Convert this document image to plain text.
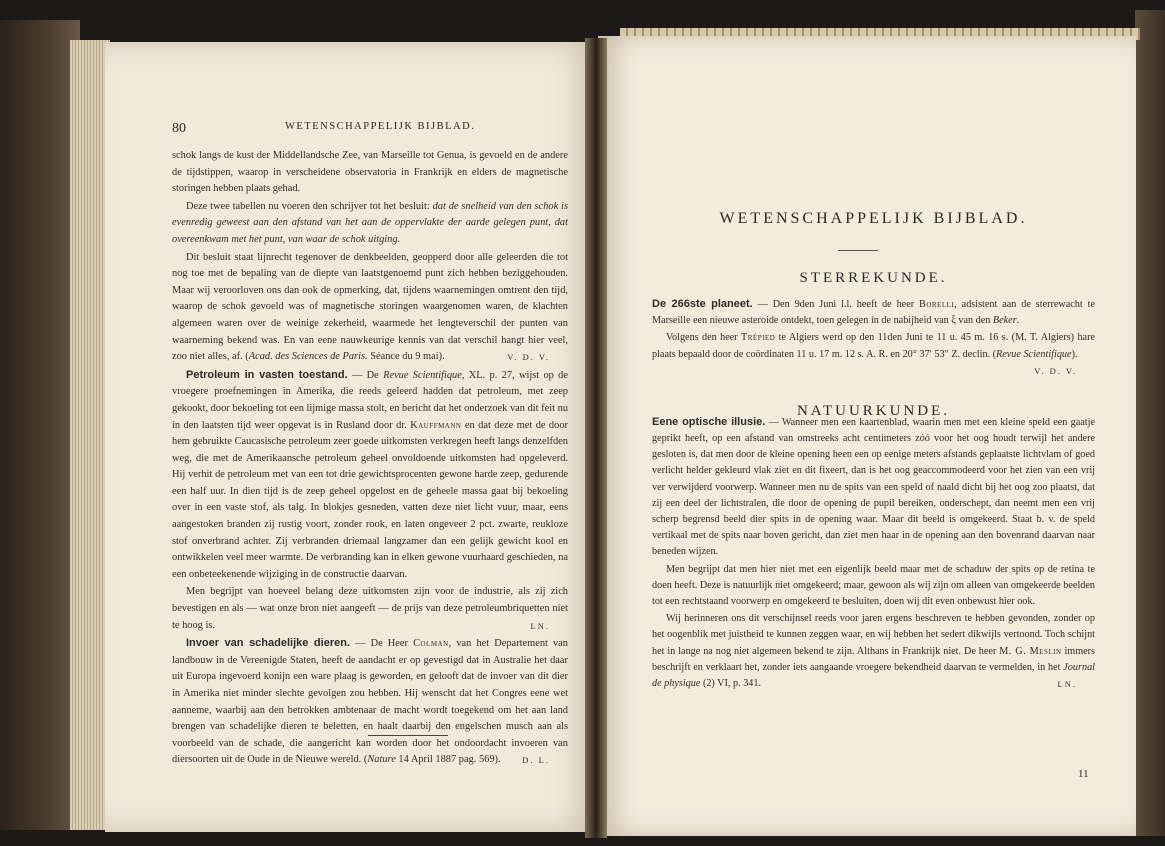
80	WETENSCHAPPELIJK BIJBLAD.

schok langs de kust der Middellandsche Zee, van Marseille tot Genua, is gevoeld en de andere de tijdstippen, waarop in verscheidene observatoria in Frankrijk en elders de magnetische storingen hebben plaats gehad.

Deze twee tabellen nu voeren den schrijver tot het besluit: dat de snelheid van den schok is evenredig geweest aan den afstand van het aan de oppervlakte der aarde gelegen punt, dat overeenkwam met het punt, van waar de schok uitging.

Dit besluit staat lijnrecht tegenover de denkbeelden, geopperd door alle geleerden die tot nog toe met de bepaling van de diepte van laatstgenoemd punt zich hebben beziggehouden. Maar wij veroorloven ons dan ook de opmerking, dat, tijdens waarnemingen omtrent den tijd, waarop de schok gevoeld was of magnetische storingen waargenomen waren, de klachten algemeen waren over de weinige zekerheid, waarmede het lengteverschil der punten van waarneming bekend was. En van eene nauwkeurige kennis van dat verschil hangt hier veel, zoo niet alles, af. (Acad. des Sciences de Paris. Séance du 9 mai).	V. D. V.

Petroleum in vasten toestand. — De Revue Scientifique, XL. p. 27, wijst op de vroegere proefnemingen in Amerika, die reeds geleerd hadden dat petroleum, met zeep gekookt, door bekoeling tot een lijmige massa stolt, en bericht dat het onderzoek van dit feit nu in den laatsten tijd weer opgevat is in Rusland door dr. Kauffmann en dat deze met de door hem gebruikte Caucasische petroleum zeer goede uitkomsten verkregen heeft langs denzelfden weg, die met de Amerikaansche petroleum geheel onvoldoende uitkomsten had opgeleverd. Hij verhit de petroleum met van een tot drie gewichtsprocenten gewone harde zeep, gedurende een half uur. In dien tijd is de zeep geheel opgelost en de geheele massa gaat bij bekoeling over in een vaste stof, als talg. In blokjes gesneden, vatten deze niet licht vuur, maar, eens aangestoken branden zij rustig voort, zonder rook, en laten ongeveer 2 pct. zwarte, reukloze stof onverbrand achter. Zij verbranden driemaal langzamer dan een gelijk gewicht kool en ontwikkelen veel meer warmte. De verbranding kan in elken gewone vuurhaard geschieden, na een onbeteekenende wijziging in de constructie daarvan.

Men begrijpt van hoeveel belang deze uitkomsten zijn voor de industrie, als zij zich bevestigen en als — wat onze bron niet aangeeft — de prijs van deze petroleumbriquetten niet te hoog is.	LN.

Invoer van schadelijke dieren. — De Heer Colman, van het Departement van landbouw in de Vereenigde Staten, heeft de aandacht er op gevestigd dat in Australie het daar uit Europa ingevoerd konijn een ware plaag is geworden, en gelooft dat de invoer van dit dier in Amerika niet minder slechte gevolgen zou hebben. Hij wenscht dat het Congres eene wet aanneme, waarbij aan den betrokken ambtenaar de macht wordt toegekend om het aan land brengen van schadelijke dieren te beletten, en haalt daarbij den engelschen musch aan als voorbeeld van de schade, die aangericht kan worden door het ondoordacht invoeren van diersoorten uit de Oude in de Nieuwe wereld. (Nature 14 April 1887 pag. 569).	D. L.

WETENSCHAPPELIJK BIJBLAD.
STERREKUNDE.
NATUURKUNDE.

De 266ste planeet. — Den 9den Juni l.l. heeft de heer Borelli, adsistent aan de sterrewacht te Marseille een nieuwe asteroide ontdekt, toen gelegen in de nabijheid van ξ van den Beker.

Volgens den heer Trépied te Algiers werd op den 11den Juni te 11 u. 45 m. 16 s. (M. T. Algiers) hare plaats bepaald door de coördinaten 11 u. 17 m. 12 s. A. R. en 20° 37′ 53″ Z. declin. (Revue Scientifique).
V. D. V.

Eene optische illusie. — Wanneer men een kaartenblad, waarin men met een kleine speld een gaatje geprikt heeft, op een afstand van omstreeks acht centimeters zóó voor het oog houdt terwijl het andere gesloten is, dat men door de kleine opening heen een op eenige meters afstands geplaatste lichtvlam of goed verlicht helder gekleurd vlak ziet en dit fixeert, dan is het oog geaccommodeerd voor het zien van een vrij ver verwijderd voorwerp. Wanneer men nu de spits van een speld of naald dicht bij het oog zoo plaatst, dat zij een deel der lichtstralen, die door de opening de pupil bereiken, onderschept, dan neemt men een vrij scherp begrensd beeld dier spits in de opening waar. Maar dit beeld is omgekeerd. Staat b. v. de speld vertikaal met de spits naar boven gericht, dan ziet men haar in de opening aan den bovenrand daarvan naar beneden wijzen.

Men begrijpt dat men hier niet met een eigenlijk beeld maar met de schaduw der spits op de retina te doen heeft. Deze is natuurlijk niet omgekeerd; maar, gewoon als wij zijn om alleen van omgekeerde beelden tot een rechtstaand voorwerp en omgekeerd te besluiten, doen wij dit even onbewust hier ook.

Wij herinneren ons dit verschijnsel reeds voor jaren ergens beschreven te hebben gevonden, zonder op het oogenblik met juistheid te kunnen zeggen waar, en wij hebben het sedert dikwijls vertoond. Toch schijnt het in lange na nog niet algemeen bekend te zijn. Althans in Frankrijk niet. De heer M. G. Meslin immers beschrijft en verklaart het, zonder iets aangaande vroegere bekendheid daarvan te vermelden, in het Journal de physique (2) VI, p. 341.	LN.

11
